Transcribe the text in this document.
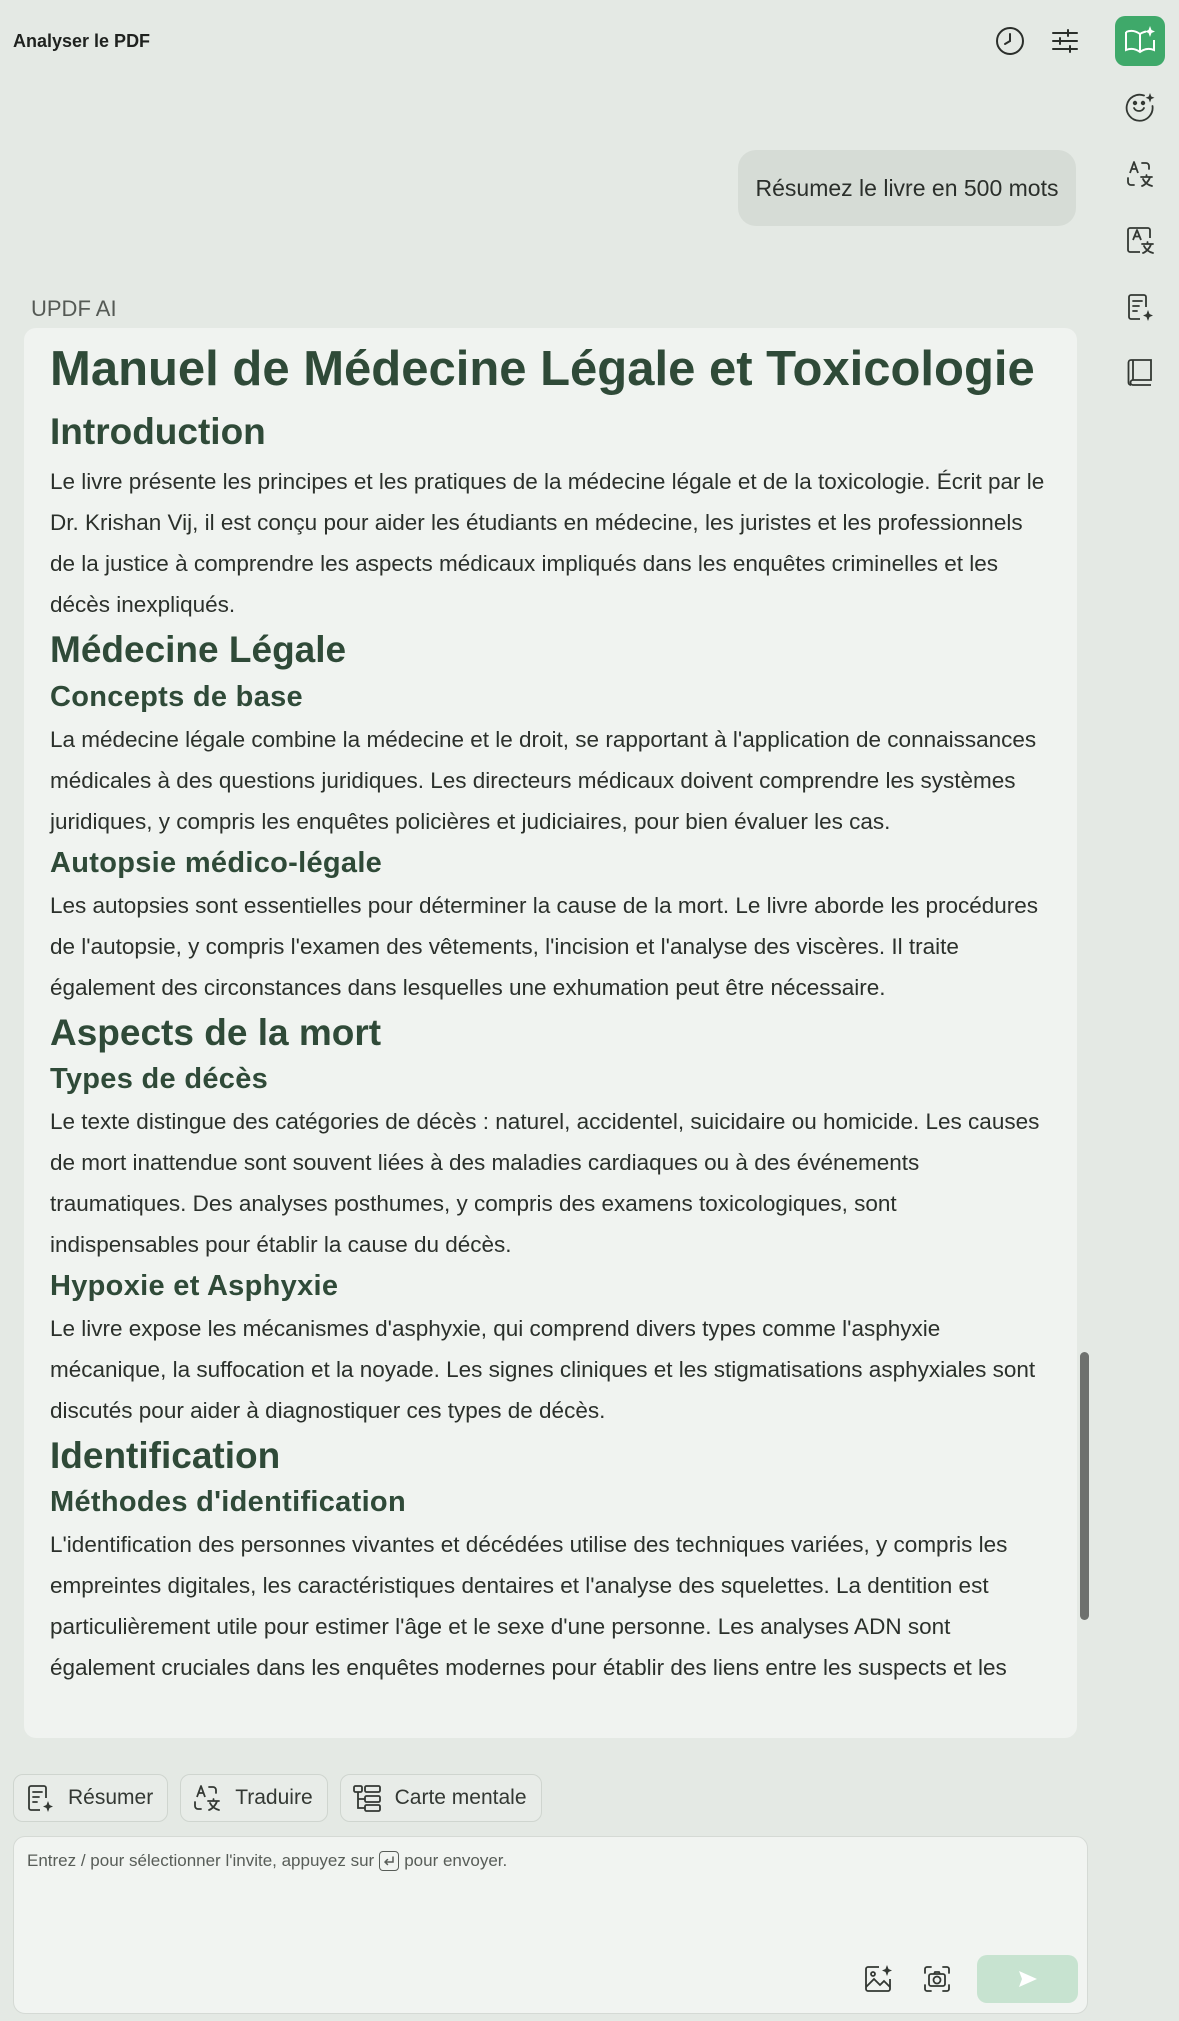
Analyser le PDF
Résumez le livre en 500 mots
UPDF AI
Manuel de Médecine Légale et Toxicologie
Introduction
Le livre présente les principes et les pratiques de la médecine légale et de la toxicologie. Écrit par le Dr. Krishan Vij, il est conçu pour aider les étudiants en médecine, les juristes et les professionnels de la justice à comprendre les aspects médicaux impliqués dans les enquêtes criminelles et les décès inexpliqués.
Médecine Légale
Concepts de base
La médecine légale combine la médecine et le droit, se rapportant à l'application de connaissances médicales à des questions juridiques. Les directeurs médicaux doivent comprendre les systèmes juridiques, y compris les enquêtes policières et judiciaires, pour bien évaluer les cas.
Autopsie médico-légale
Les autopsies sont essentielles pour déterminer la cause de la mort. Le livre aborde les procédures de l'autopsie, y compris l'examen des vêtements, l'incision et l'analyse des viscères. Il traite également des circonstances dans lesquelles une exhumation peut être nécessaire.
Aspects de la mort
Types de décès
Le texte distingue des catégories de décès : naturel, accidentel, suicidaire ou homicide. Les causes de mort inattendue sont souvent liées à des maladies cardiaques ou à des événements traumatiques. Des analyses posthumes, y compris des examens toxicologiques, sont indispensables pour établir la cause du décès.
Hypoxie et Asphyxie
Le livre expose les mécanismes d'asphyxie, qui comprend divers types comme l'asphyxie mécanique, la suffocation et la noyade. Les signes cliniques et les stigmatisations asphyxiales sont discutés pour aider à diagnostiquer ces types de décès.
Identification
Méthodes d'identification
L'identification des personnes vivantes et décédées utilise des techniques variées, y compris les empreintes digitales, les caractéristiques dentaires et l'analyse des squelettes. La dentition est particulièrement utile pour estimer l'âge et le sexe d'une personne. Les analyses ADN sont également cruciales dans les enquêtes modernes pour établir des liens entre les suspects et les
Résumer	Traduire	Carte mentale
Entrez / pour sélectionner l'invite, appuyez sur pour envoyer.
